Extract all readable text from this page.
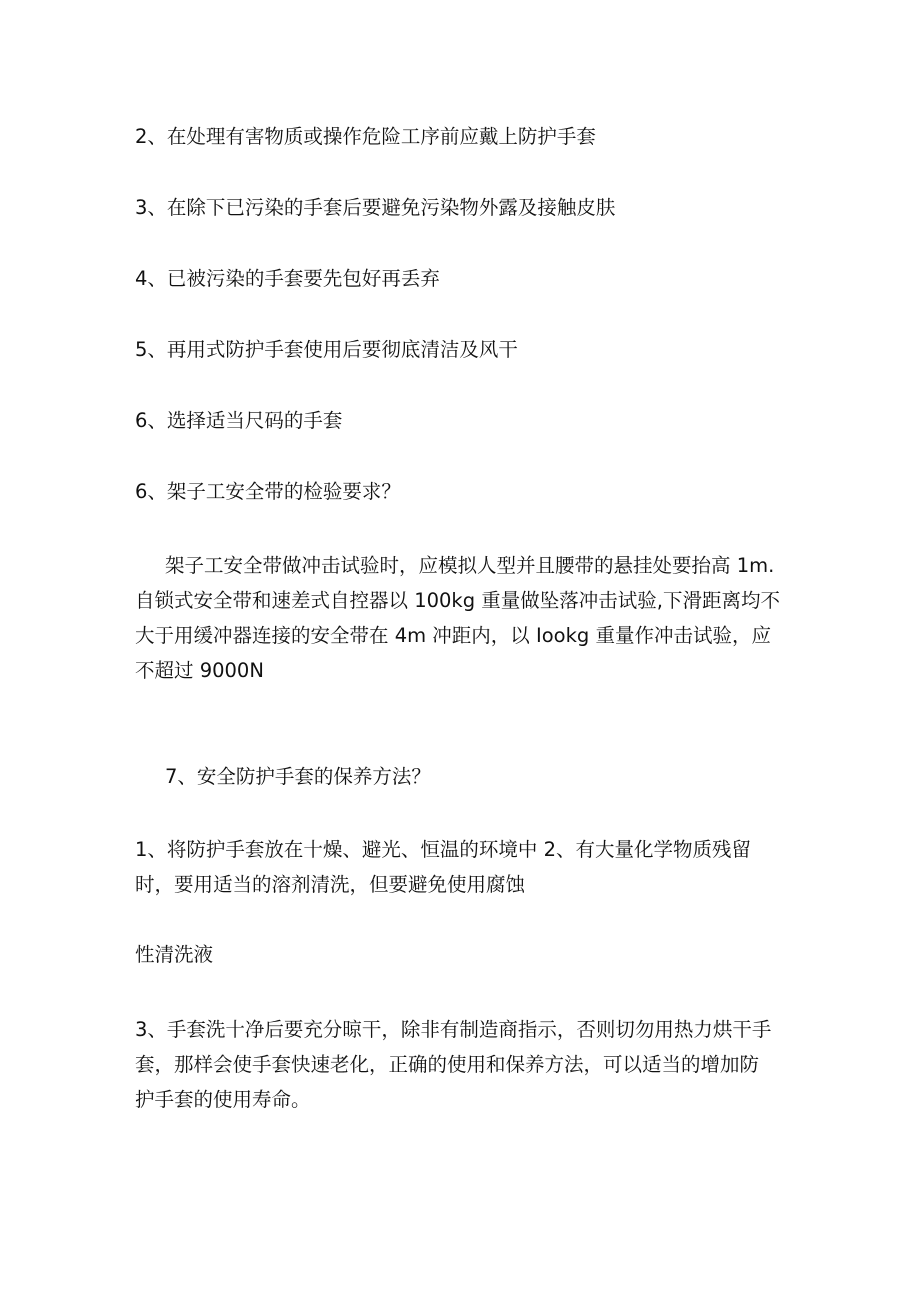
2、在处理有害物质或操作危险工序前应戴上防护手套
3、在除下已污染的手套后要避免污染物外露及接触皮肤
4、已被污染的手套要先包好再丢弃
5、再用式防护手套使用后要彻底清洁及风干
6、选择适当尺码的手套
6、架子工安全带的检验要求？
架子工安全带做冲击试验时，应模拟人型并且腰带的悬挂处要抬高 1m.
自锁式安全带和速差式自控器以 100kg 重量做坠落冲击试验,下滑距离均不
大于用缓冲器连接的安全带在 4m 冲距内，以 Iookg 重量作冲击试验，应
不超过 9000N
7、安全防护手套的保养方法？
1、将防护手套放在十燥、避光、恒温的环境中 2、有大量化学物质残留
时，要用适当的溶剂清洗，但要避免使用腐蚀
性清洗液
3、手套洗十净后要充分晾干，除非有制造商指示，否则切勿用热力烘干手
套，那样会使手套快速老化，正确的使用和保养方法，可以适当的增加防
护手套的使用寿命。
